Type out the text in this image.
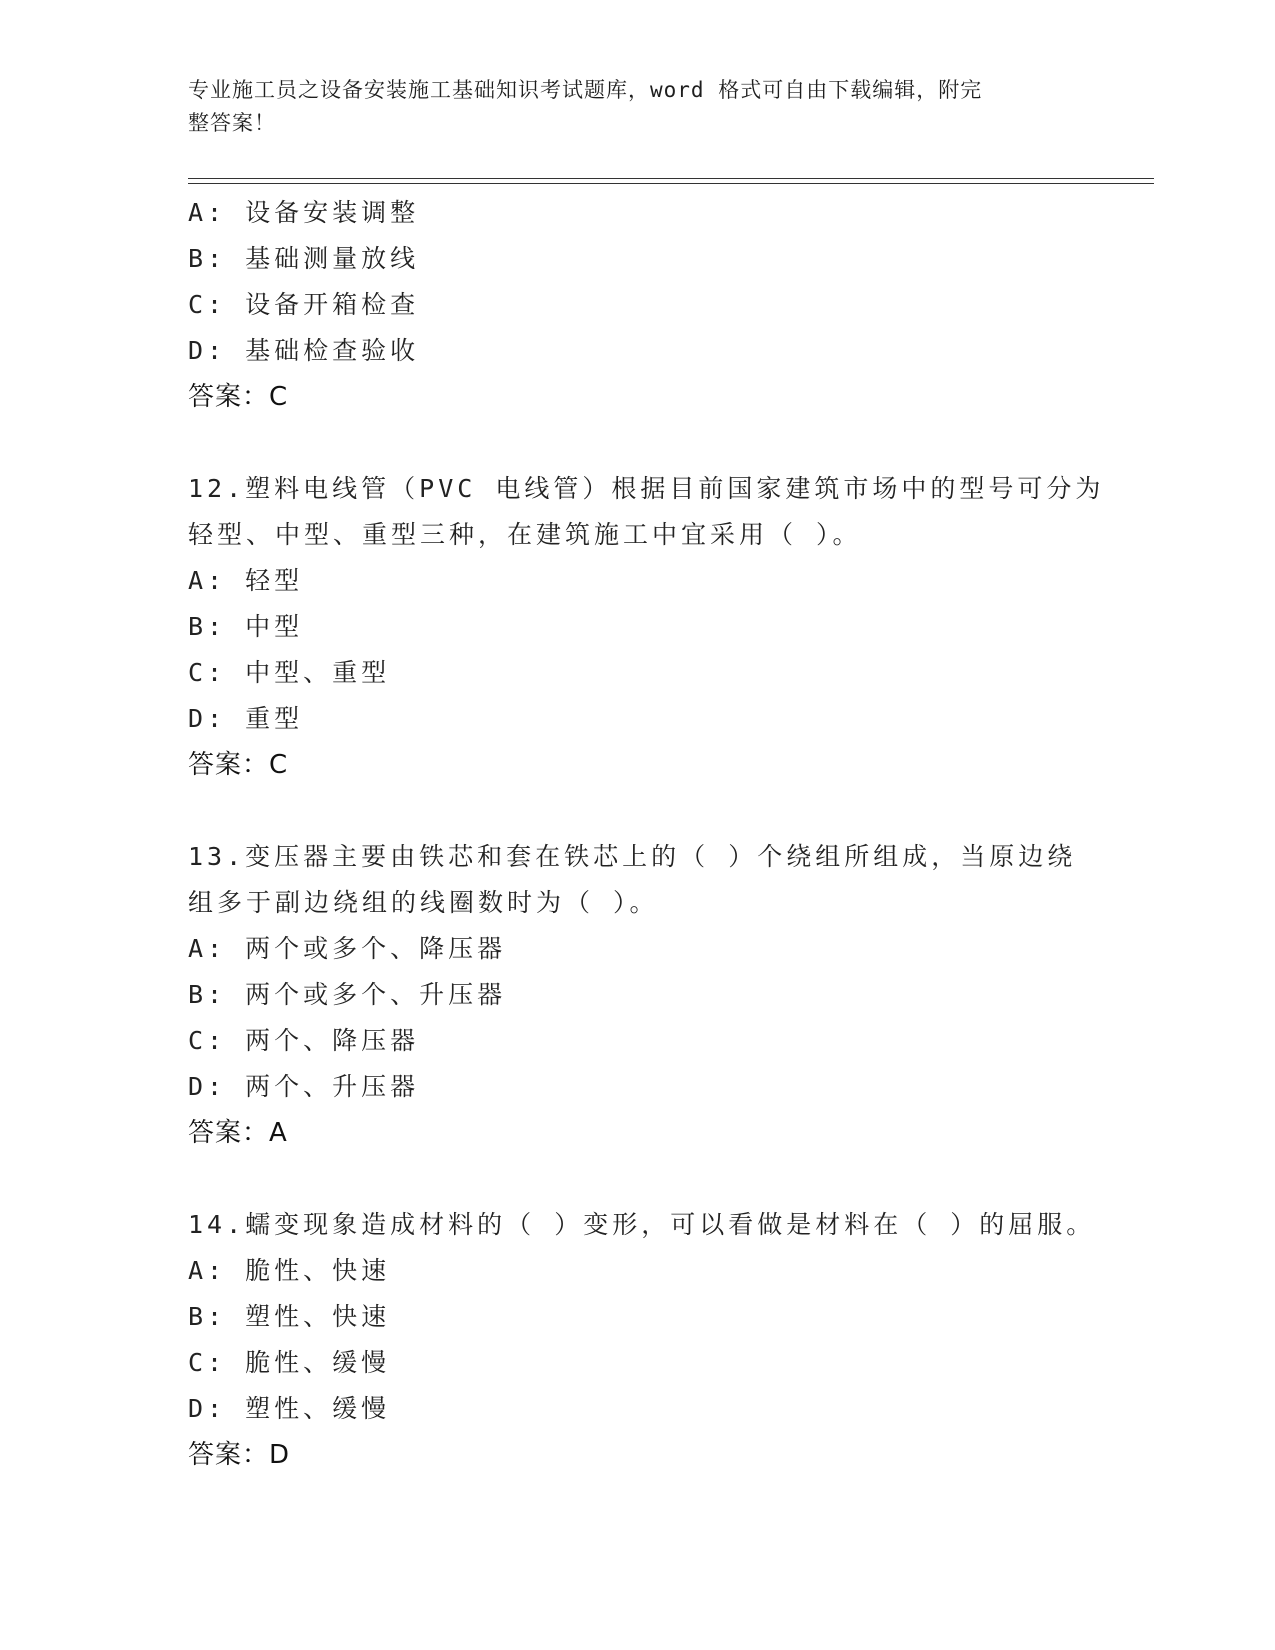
专业施工员之设备安装施工基础知识考试题库，word 格式可自由下载编辑，附完
整答案！
A: 设备安装调整
B: 基础测量放线
C: 设备开箱检查
D: 基础检查验收
答案：C
12.塑料电线管（PVC 电线管）根据目前国家建筑市场中的型号可分为
轻型、中型、重型三种，在建筑施工中宜采用（ ）。
A: 轻型
B: 中型
C: 中型、重型
D: 重型
答案：C
13.变压器主要由铁芯和套在铁芯上的（ ）个绕组所组成，当原边绕
组多于副边绕组的线圈数时为（ ）。
A: 两个或多个、降压器
B: 两个或多个、升压器
C: 两个、降压器
D: 两个、升压器
答案：A
14.蠕变现象造成材料的（ ）变形，可以看做是材料在（ ）的屈服。
A: 脆性、快速
B: 塑性、快速
C: 脆性、缓慢
D: 塑性、缓慢
答案：D
